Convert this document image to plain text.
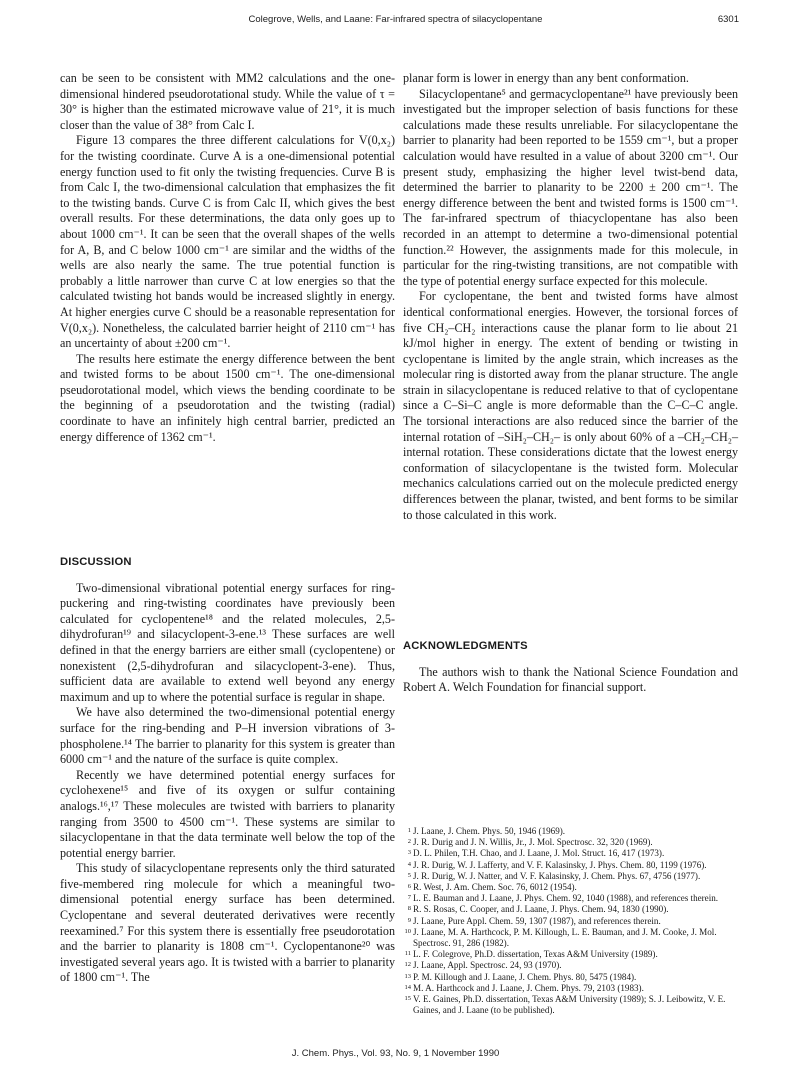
Colegrove, Wells, and Laane: Far-infrared spectra of silacyclopentane	6301

can be seen to be consistent with MM2 calculations and the one-dimensional hindered pseudorotational study. While the value of τ = 30° is higher than the estimated microwave value of 21°, it is much closer than the value of 38° from Calc I.

Figure 13 compares the three different calculations for V(0,x₂) for the twisting coordinate. Curve A is a one-dimensional potential energy function used to fit only the twisting frequencies. Curve B is from Calc I, the two-dimensional calculation that emphasizes the fit to the twisting bands. Curve C is from Calc II, which gives the best overall results. For these determinations, the data only goes up to about 1000 cm⁻¹. It can be seen that the overall shapes of the wells for A, B, and C below 1000 cm⁻¹ are similar and the widths of the wells are also nearly the same. The true potential function is probably a little narrower than curve C at low energies so that the calculated twisting hot bands would be increased slightly in energy. At higher energies curve C should be a reasonable representation for V(0,x₂). Nonetheless, the calculated barrier height of 2110 cm⁻¹ has an uncertainty of about ±200 cm⁻¹.

The results here estimate the energy difference between the bent and twisted forms to be about 1500 cm⁻¹. The one-dimensional pseudorotational model, which views the bending coordinate to be the beginning of a pseudorotation and the twisting (radial) coordinate to have an infinitely high central barrier, predicted an energy difference of 1362 cm⁻¹.

DISCUSSION

Two-dimensional vibrational potential energy surfaces for ring-puckering and ring-twisting coordinates have previously been calculated for cyclopentene¹⁸ and the related molecules, 2,5-dihydrofuran¹⁹ and silacyclopent-3-ene.¹³ These surfaces are well defined in that the energy barriers are either small (cyclopentene) or nonexistent (2,5-dihydrofuran and silacyclopent-3-ene). Thus, sufficient data are available to extend well beyond any energy maximum and up to where the potential surface is regular in shape.

We have also determined the two-dimensional potential energy surface for the ring-bending and P–H inversion vibrations of 3-phospholene.¹⁴ The barrier to planarity for this system is greater than 6000 cm⁻¹ and the nature of the surface is quite complex.

Recently we have determined potential energy surfaces for cyclohexene¹⁵ and five of its oxygen or sulfur containing analogs.¹⁶,¹⁷ These molecules are twisted with barriers to planarity ranging from 3500 to 4500 cm⁻¹. These systems are similar to silacyclopentane in that the data terminate well below the top of the potential energy barrier.

This study of silacyclopentane represents only the third saturated five-membered ring molecule for which a meaningful two-dimensional potential energy surface has been determined. Cyclopentane and several deuterated derivatives were recently reexamined.⁷ For this system there is essentially free pseudorotation and the barrier to planarity is 1808 cm⁻¹. Cyclopentanone²⁰ was investigated several years ago. It is twisted with a barrier to planarity of 1800 cm⁻¹. The

planar form is lower in energy than any bent conformation.

Silacyclopentane⁵ and germacyclopentane²¹ have previously been investigated but the improper selection of basis functions for these calculations made these results unreliable. For silacyclopentane the barrier to planarity had been reported to be 1559 cm⁻¹, but a proper calculation would have resulted in a value of about 3200 cm⁻¹. Our present study, emphasizing the higher level twist-bend data, determined the barrier to planarity to be 2200 ± 200 cm⁻¹. The energy difference between the bent and twisted forms is 1500 cm⁻¹. The far-infrared spectrum of thiacyclopentane has also been recorded in an attempt to determine a two-dimensional potential function.²² However, the assignments made for this molecule, in particular for the ring-twisting transitions, are not compatible with the type of potential energy surface expected for this molecule.

For cyclopentane, the bent and twisted forms have almost identical conformational energies. However, the torsional forces of five CH₂–CH₂ interactions cause the planar form to lie about 21 kJ/mol higher in energy. The extent of bending or twisting in cyclopentane is limited by the angle strain, which increases as the molecular ring is distorted away from the planar structure. The angle strain in silacyclopentane is reduced relative to that of cyclopentane since a C–Si–C angle is more deformable than the C–C–C angle. The torsional interactions are also reduced since the barrier of the internal rotation of –SiH₂–CH₂– is only about 60% of a –CH₂–CH₂– internal rotation. These considerations dictate that the lowest energy conformation of silacyclopentane is the twisted form. Molecular mechanics calculations carried out on the molecule predicted energy differences between the planar, twisted, and bent forms to be similar to those calculated in this work.

ACKNOWLEDGMENTS

The authors wish to thank the National Science Foundation and Robert A. Welch Foundation for financial support.

1 J. Laane, J. Chem. Phys. 50, 1946 (1969).
2 J. R. Durig and J. N. Willis, Jr., J. Mol. Spectrosc. 32, 320 (1969).
3 D. L. Philen, T.H. Chao, and J. Laane, J. Mol. Struct. 16, 417 (1973).
4 J. R. Durig, W. J. Lafferty, and V. F. Kalasinsky, J. Phys. Chem. 80, 1199 (1976).
5 J. R. Durig, W. J. Natter, and V. F. Kalasinsky, J. Chem. Phys. 67, 4756 (1977).
6 R. West, J. Am. Chem. Soc. 76, 6012 (1954).
7 L. E. Bauman and J. Laane, J. Phys. Chem. 92, 1040 (1988), and references therein.
8 R. S. Rosas, C. Cooper, and J. Laane, J. Phys. Chem. 94, 1830 (1990).
9 J. Laane, Pure Appl. Chem. 59, 1307 (1987), and references therein.
10 J. Laane, M. A. Harthcock, P. M. Killough, L. E. Bauman, and J. M. Cooke, J. Mol. Spectrosc. 91, 286 (1982).
11 L. F. Colegrove, Ph.D. dissertation, Texas A&M University (1989).
12 J. Laane, Appl. Spectrosc. 24, 93 (1970).
13 P. M. Killough and J. Laane, J. Chem. Phys. 80, 5475 (1984).
14 M. A. Harthcock and J. Laane, J. Chem. Phys. 79, 2103 (1983).
15 V. E. Gaines, Ph.D. dissertation, Texas A&M University (1989); S. J. Leibowitz, V. E. Gaines, and J. Laane (to be published).
J. Chem. Phys., Vol. 93, No. 9, 1 November 1990
